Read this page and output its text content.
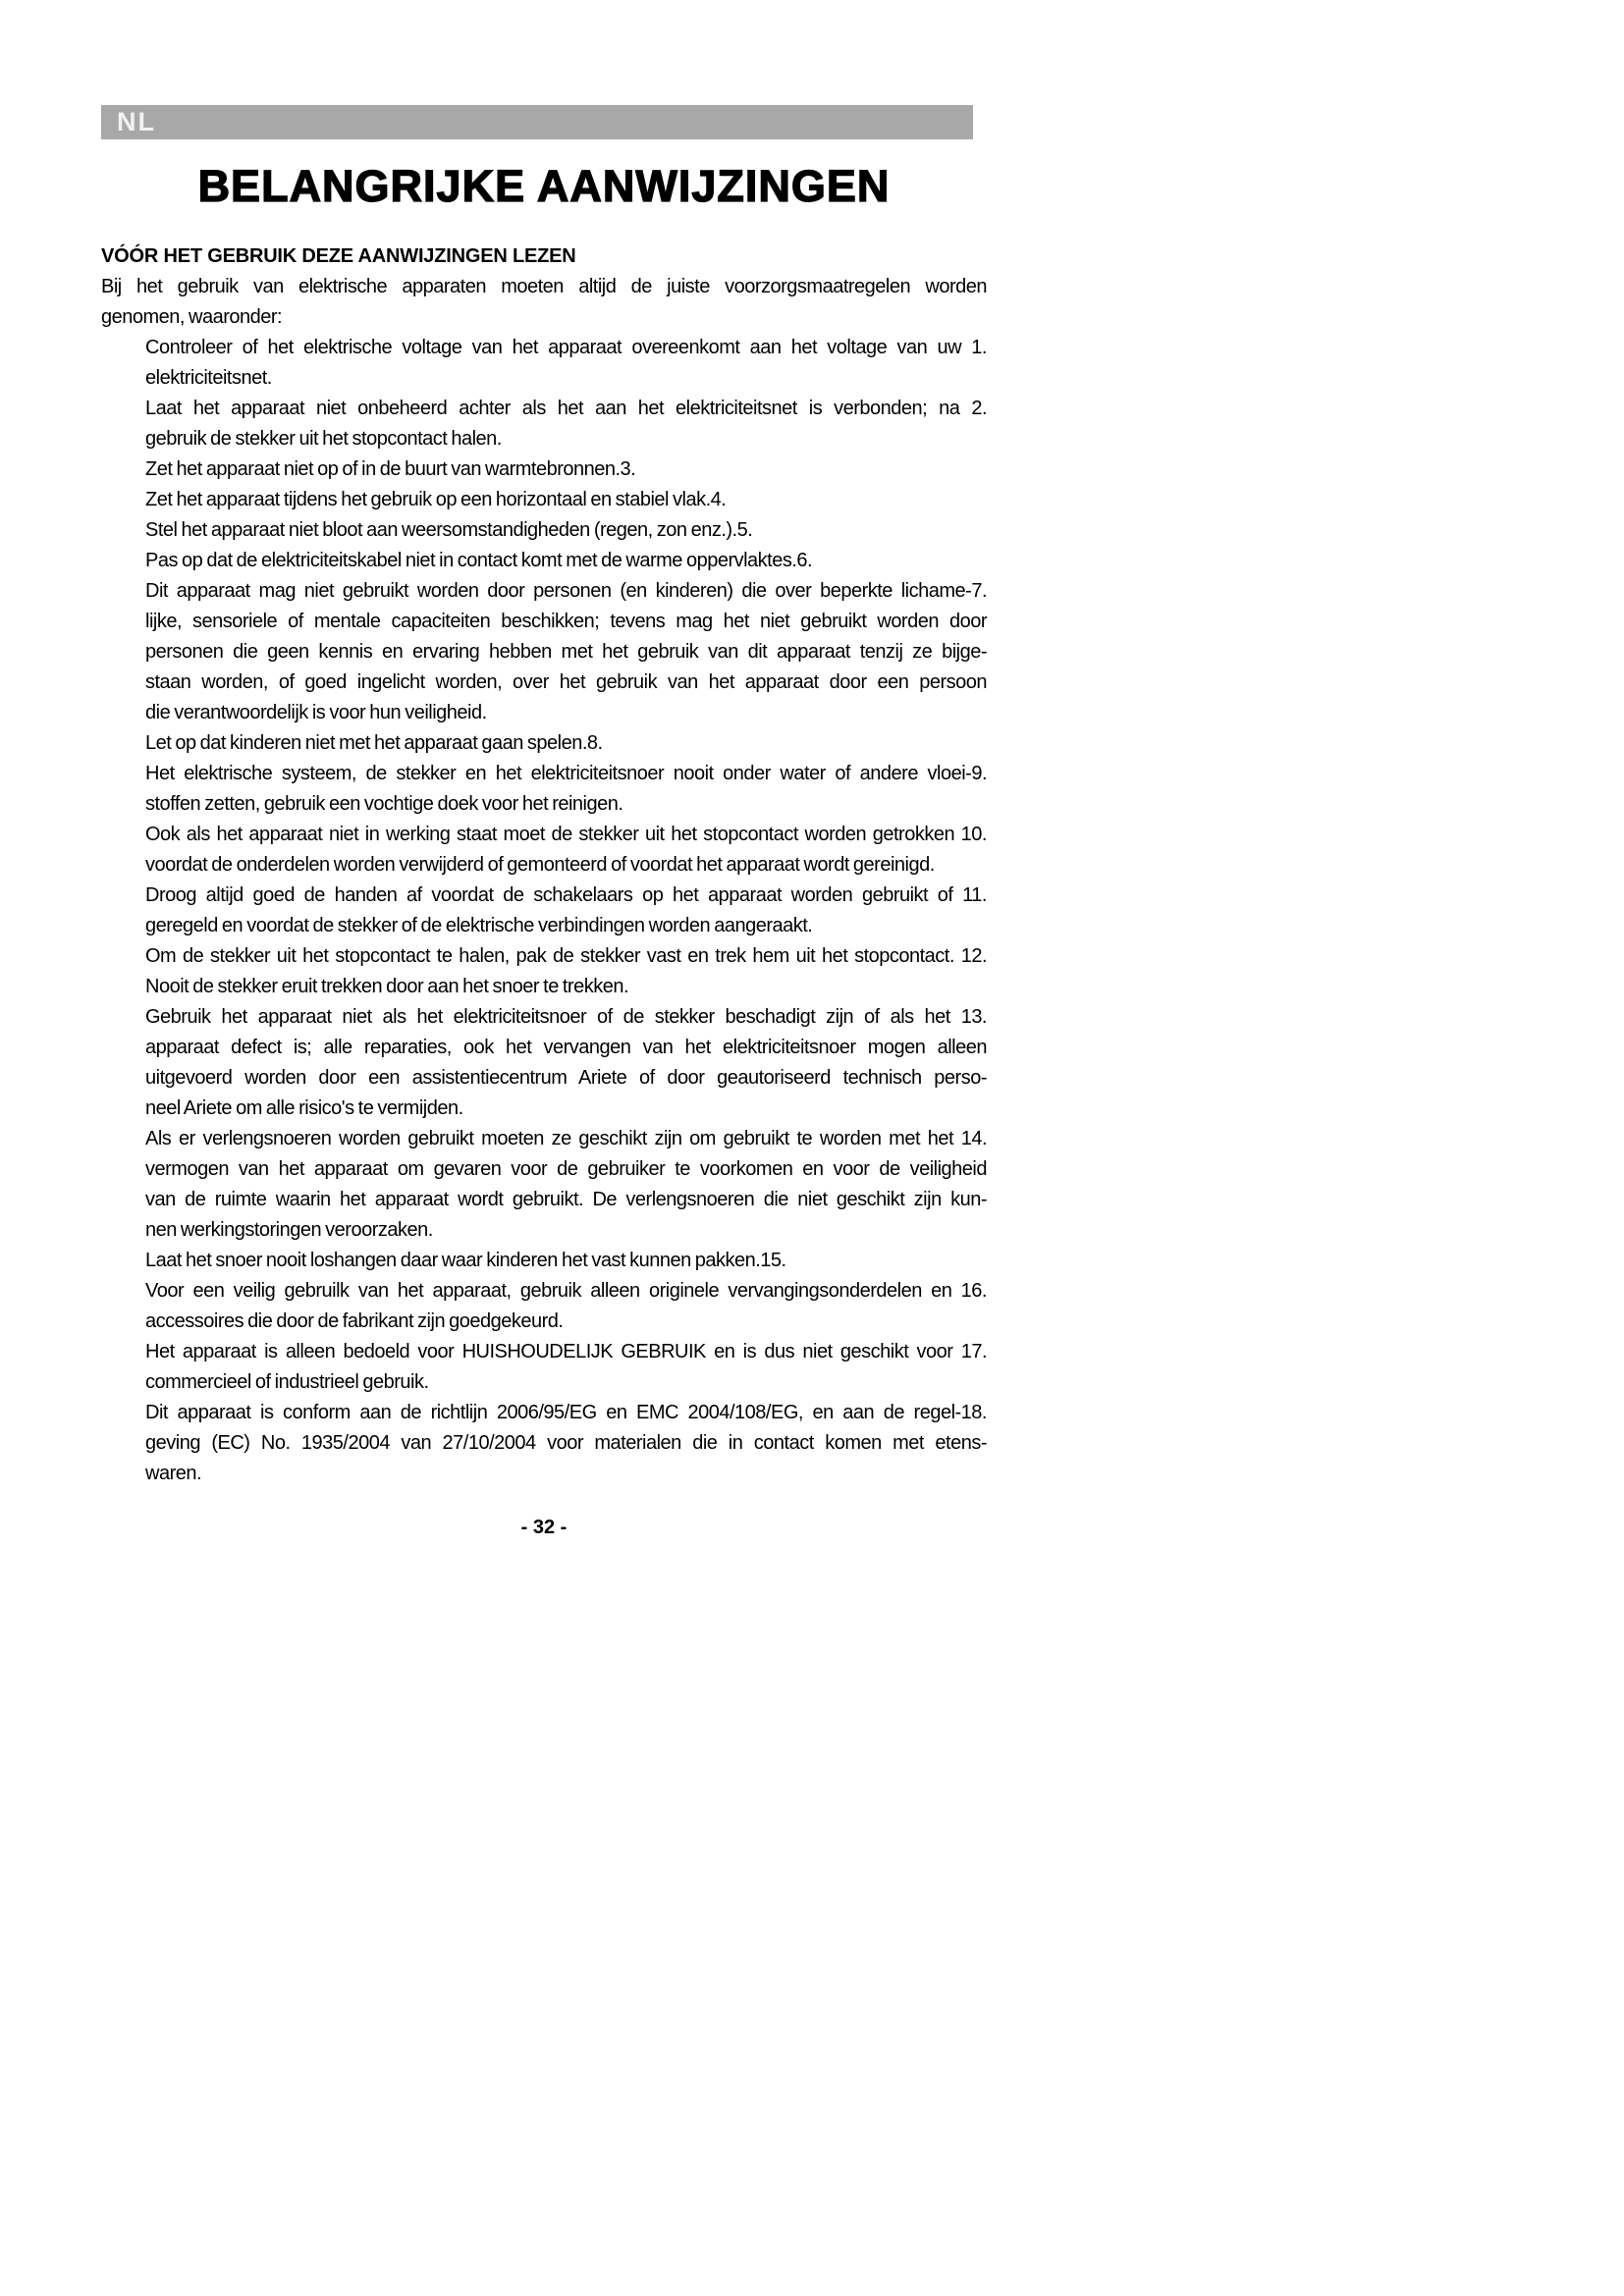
NL
BELANGRIJKE AANWIJZINGEN
VÓÓR HET GEBRUIK DEZE AANWIJZINGEN LEZEN
Bij het gebruik van elektrische apparaten moeten altijd de juiste voorzorgsmaatregelen worden
genomen, waaronder:
Controleer of het elektrische voltage van het apparaat overeenkomt aan het voltage van uw 1.
elektriciteitsnet.
Laat het apparaat niet onbeheerd achter als het aan het elektriciteitsnet is verbonden; na 2.
gebruik de stekker uit het stopcontact halen.
Zet het apparaat niet op of in de buurt van warmtebronnen.3.
Zet het apparaat tijdens het gebruik op een horizontaal en stabiel vlak.4.
Stel het apparaat niet bloot aan weersomstandigheden (regen, zon enz.).5.
Pas op dat de elektriciteitskabel niet in contact komt met de warme oppervlaktes.6.
Dit apparaat mag niet gebruikt worden door personen (en kinderen) die over beperkte lichame-7.
lijke, sensoriele of mentale capaciteiten beschikken; tevens mag het niet gebruikt worden door
personen die geen kennis en ervaring hebben met het gebruik van dit apparaat tenzij ze bijge-
staan worden, of goed ingelicht worden, over het gebruik van het apparaat door een persoon
die verantwoordelijk is voor hun veiligheid.
Let op dat kinderen niet met het apparaat gaan spelen.8.
Het elektrische systeem, de stekker en het elektriciteitsnoer nooit onder water of andere vloei-9.
stoffen zetten, gebruik een vochtige doek voor het reinigen.
Ook als het apparaat niet in werking staat moet de stekker uit het stopcontact worden getrokken 10.
voordat de onderdelen worden verwijderd of gemonteerd of voordat het apparaat wordt gereinigd.
Droog altijd goed de handen af voordat de schakelaars op het apparaat worden gebruikt of 11.
geregeld en voordat de stekker of de elektrische verbindingen worden aangeraakt.
Om de stekker uit het stopcontact te halen, pak de stekker vast en trek hem uit het stopcontact. 12.
Nooit de stekker eruit trekken door aan het snoer te trekken.
Gebruik het apparaat niet als het elektriciteitsnoer of de stekker beschadigt zijn of als het 13.
apparaat defect is; alle reparaties, ook het vervangen van het elektriciteitsnoer mogen alleen
uitgevoerd worden door een assistentiecentrum Ariete of door geautoriseerd technisch perso-
neel Ariete om alle risico's te vermijden.
Als er verlengsnoeren worden gebruikt moeten ze geschikt zijn om gebruikt te worden met het 14.
vermogen van het apparaat om gevaren voor de gebruiker te voorkomen en voor de veiligheid
van de ruimte waarin het apparaat wordt gebruikt. De verlengsnoeren die niet geschikt zijn kun-
nen werkingstoringen veroorzaken.
Laat het snoer nooit loshangen daar waar kinderen het vast kunnen pakken.15.
Voor een veilig gebruilk van het apparaat, gebruik alleen originele vervangingsonderdelen en 16.
accessoires die door de fabrikant zijn goedgekeurd.
Het apparaat is alleen bedoeld voor HUISHOUDELIJK GEBRUIK en is dus niet geschikt voor 17.
commercieel of industrieel gebruik.
Dit apparaat is conform aan de richtlijn 2006/95/EG en EMC 2004/108/EG, en aan de regel-18.
geving (EC) No. 1935/2004 van 27/10/2004 voor materialen die in contact komen met etens-
waren.
- 32 -
